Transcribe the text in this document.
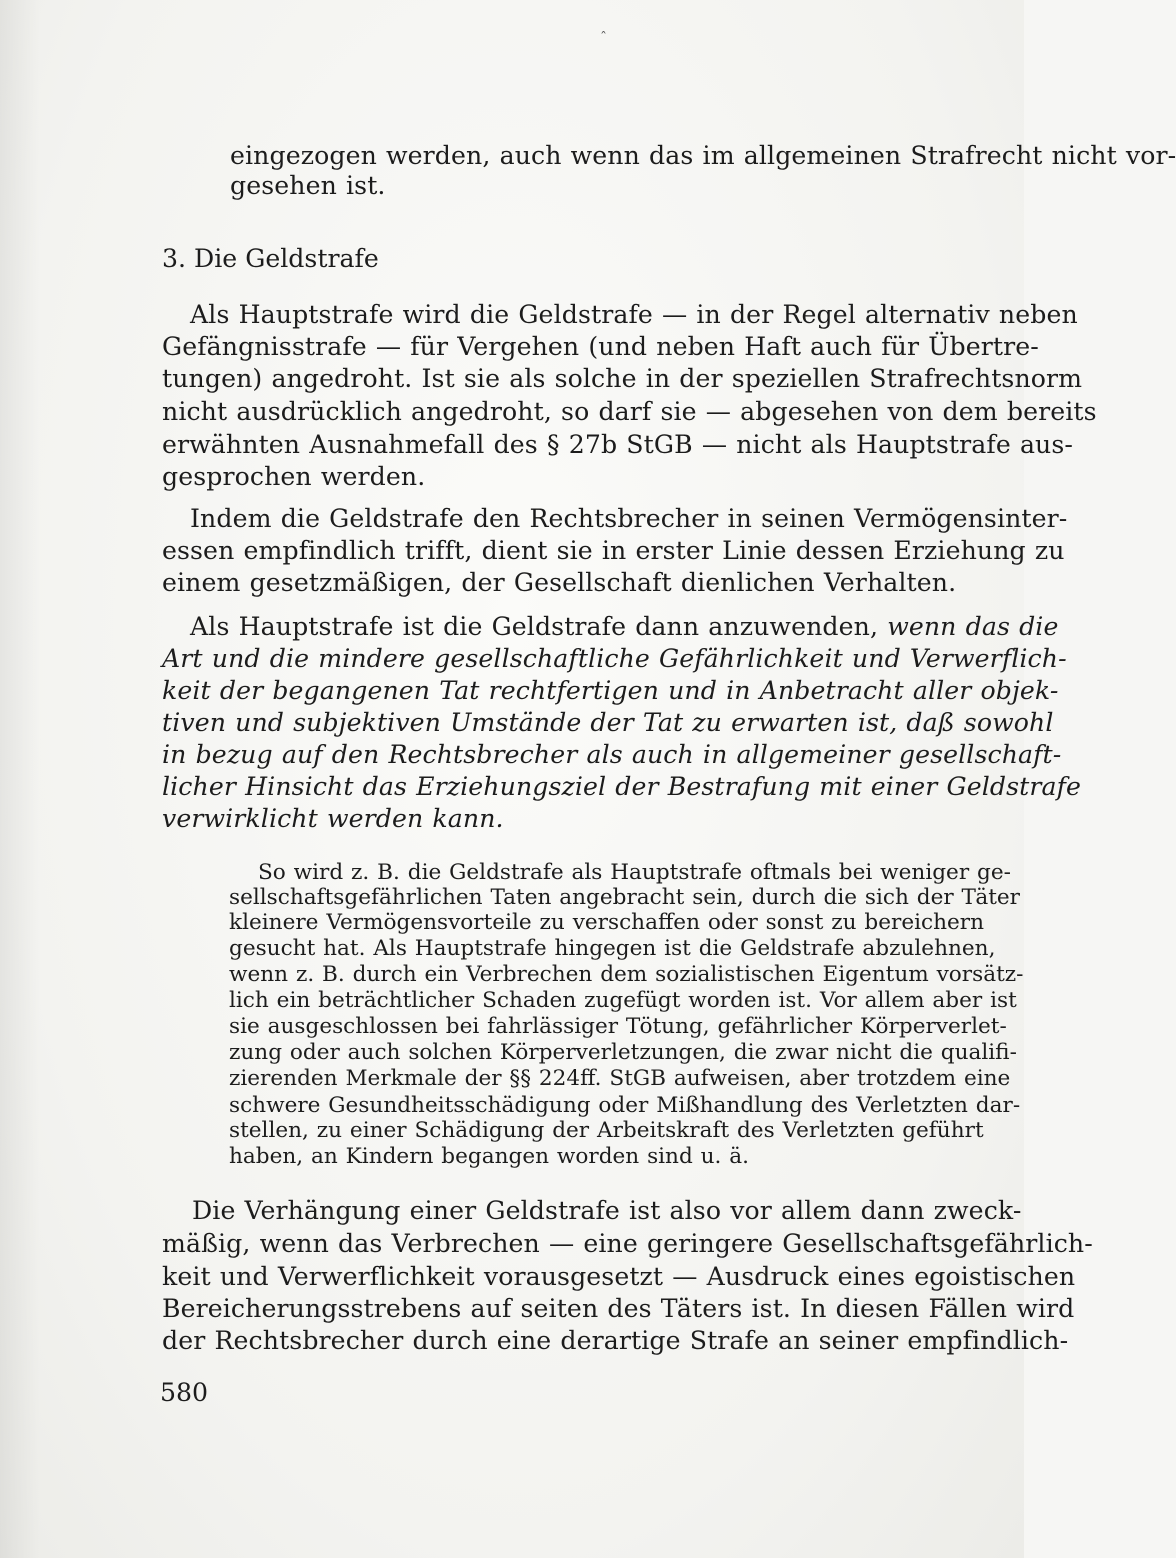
ˆ
eingezogen werden, auch wenn das im allgemeinen Strafrecht nicht vor-
gesehen ist.
3. Die Geldstrafe
Als Hauptstrafe wird die Geldstrafe — in der Regel alternativ neben
Gefängnisstrafe — für Vergehen (und neben Haft auch für Übertre-
tungen) angedroht. Ist sie als solche in der speziellen Strafrechtsnorm
nicht ausdrücklich angedroht, so darf sie — abgesehen von dem bereits
erwähnten Ausnahmefall des § 27b StGB — nicht als Hauptstrafe aus-
gesprochen werden.
Indem die Geldstrafe den Rechtsbrecher in seinen Vermögensinter-
essen empfindlich trifft, dient sie in erster Linie dessen Erziehung zu
einem gesetzmäßigen, der Gesellschaft dienlichen Verhalten.
Als Hauptstrafe ist die Geldstrafe dann anzuwenden, wenn das die
Art und die mindere gesellschaftliche Gefährlichkeit und Verwerflich-
keit der begangenen Tat rechtfertigen und in Anbetracht aller objek-
tiven und subjektiven Umstände der Tat zu erwarten ist, daß sowohl
in bezug auf den Rechtsbrecher als auch in allgemeiner gesellschaft-
licher Hinsicht das Erziehungsziel der Bestrafung mit einer Geldstrafe
verwirklicht werden kann.
So wird z. B. die Geldstrafe als Hauptstrafe oftmals bei weniger ge-
sellschaftsgefährlichen Taten angebracht sein, durch die sich der Täter
kleinere Vermögensvorteile zu verschaffen oder sonst zu bereichern
gesucht hat. Als Hauptstrafe hingegen ist die Geldstrafe abzulehnen,
wenn z. B. durch ein Verbrechen dem sozialistischen Eigentum vorsätz-
lich ein beträchtlicher Schaden zugefügt worden ist. Vor allem aber ist
sie ausgeschlossen bei fahrlässiger Tötung, gefährlicher Körperverlet-
zung oder auch solchen Körperverletzungen, die zwar nicht die qualifi-
zierenden Merkmale der §§ 224ff. StGB aufweisen, aber trotzdem eine
schwere Gesundheitsschädigung oder Mißhandlung des Verletzten dar-
stellen, zu einer Schädigung der Arbeitskraft des Verletzten geführt
haben, an Kindern begangen worden sind u. ä.
Die Verhängung einer Geldstrafe ist also vor allem dann zweck-
mäßig, wenn das Verbrechen — eine geringere Gesellschaftsgefährlich-
keit und Verwerflichkeit vorausgesetzt — Ausdruck eines egoistischen
Bereicherungsstrebens auf seiten des Täters ist. In diesen Fällen wird
der Rechtsbrecher durch eine derartige Strafe an seiner empfindlich-
580
